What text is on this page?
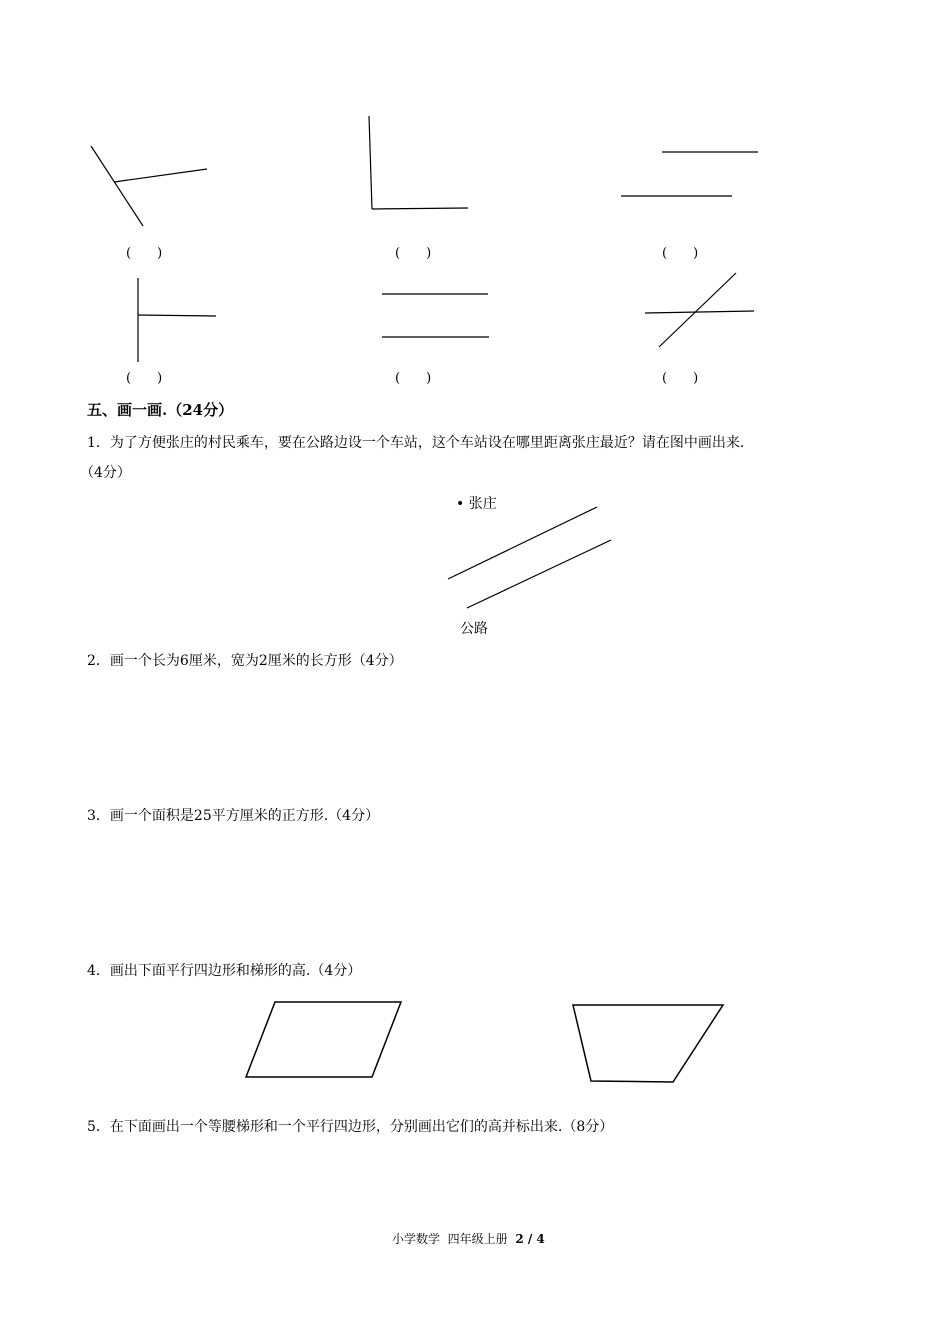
(　　)	(　　)	(　　)
(　　)	(　　)	(　　)
五、画一画.（24分）
1．为了方便张庄的村民乘车，要在公路边设一个车站，这个车站设在哪里距离张庄最近？请在图中画出来.
（4分）
• 张庄
公路
2．画一个长为6厘米，宽为2厘米的长方形（4分）
3．画一个面积是25平方厘米的正方形.（4分）
4．画出下面平行四边形和梯形的高.（4分）
5．在下面画出一个等腰梯形和一个平行四边形，分别画出它们的高并标出来.（8分）
小学数学 四年级上册 2 / 4
